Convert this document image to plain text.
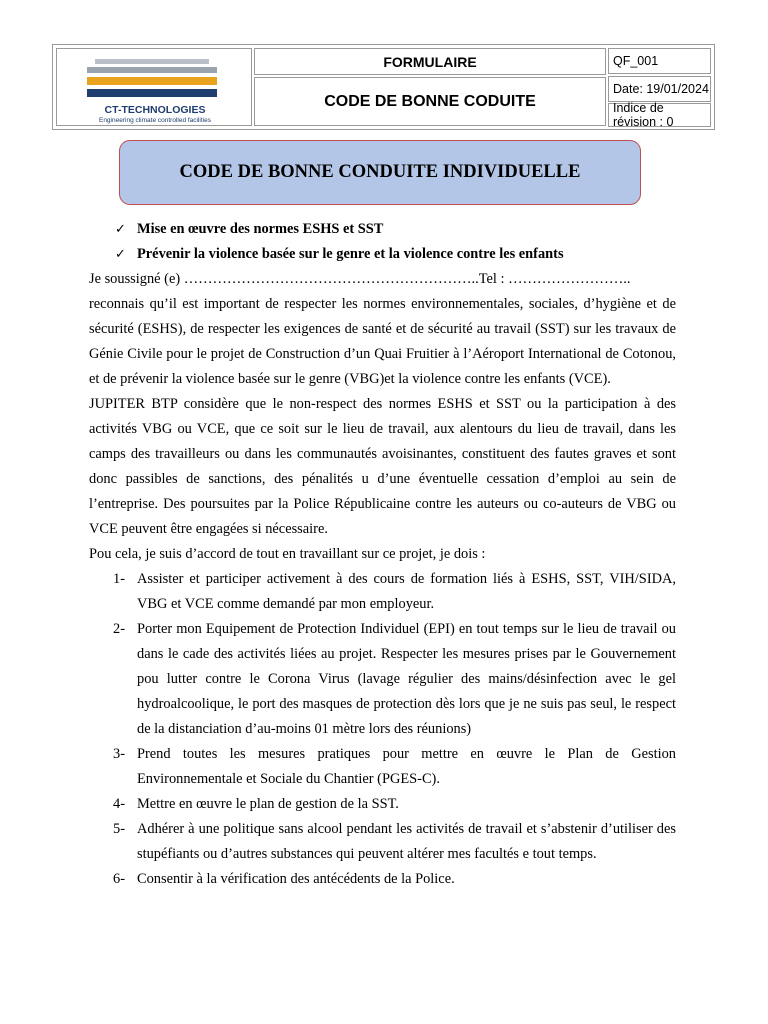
CT-TECHNOLOGIES
Engineering climate controlled facilities
FORMULAIRE
CODE DE BONNE CODUITE
QF_001
Date: 19/01/2024
Indice de révision : 0
CODE DE BONNE CONDUITE INDIVIDUELLE
✓ Mise en œuvre des normes ESHS et SST
✓ Prévenir la violence basée sur le genre et la violence contre les enfants

Je soussigné (e) ……………………………………………………..Tel : ……………………..

reconnais qu’il est important de respecter les normes environnementales, sociales, d’hygiène et de sécurité (ESHS), de respecter les exigences de santé et de sécurité au travail (SST) sur les travaux de Génie Civile pour le projet de Construction d’un Quai Fruitier à l’Aéroport International de Cotonou, et de prévenir la violence basée sur le genre (VBG)et la violence contre les enfants (VCE).

JUPITER BTP considère que le non-respect des normes ESHS et SST ou la participation à des activités VBG ou VCE, que ce soit sur le lieu de travail, aux alentours du lieu de travail, dans les camps des travailleurs ou dans les communautés avoisinantes, constituent des fautes graves et sont donc passibles de sanctions, des pénalités u d’une éventuelle cessation d’emploi au sein de l’entreprise. Des poursuites par la Police Républicaine contre les auteurs ou co-auteurs de VBG ou VCE peuvent être engagées si nécessaire.

Pou cela, je suis d’accord de tout en travaillant sur ce projet, je dois :

1- Assister et participer activement à des cours de formation liés à ESHS, SST, VIH/SIDA, VBG et VCE comme demandé par mon employeur.
2- Porter mon Equipement de Protection Individuel (EPI) en tout temps sur le lieu de travail ou dans le cade des activités liées au projet. Respecter les mesures prises par le Gouvernement pou lutter contre le Corona Virus (lavage régulier des mains/désinfection avec le gel hydroalcoolique, le port des masques de protection dès lors que je ne suis pas seul, le respect de la distanciation d’au-moins 01 mètre lors des réunions)
3- Prend toutes les mesures pratiques pour mettre en œuvre le Plan de Gestion Environnementale et Sociale du Chantier (PGES-C).
4- Mettre en œuvre le plan de gestion de la SST.
5- Adhérer à une politique sans alcool pendant les activités de travail et s’abstenir d’utiliser des stupéfiants ou d’autres substances qui peuvent altérer mes facultés e tout temps.
6- Consentir à la vérification des antécédents de la Police.
